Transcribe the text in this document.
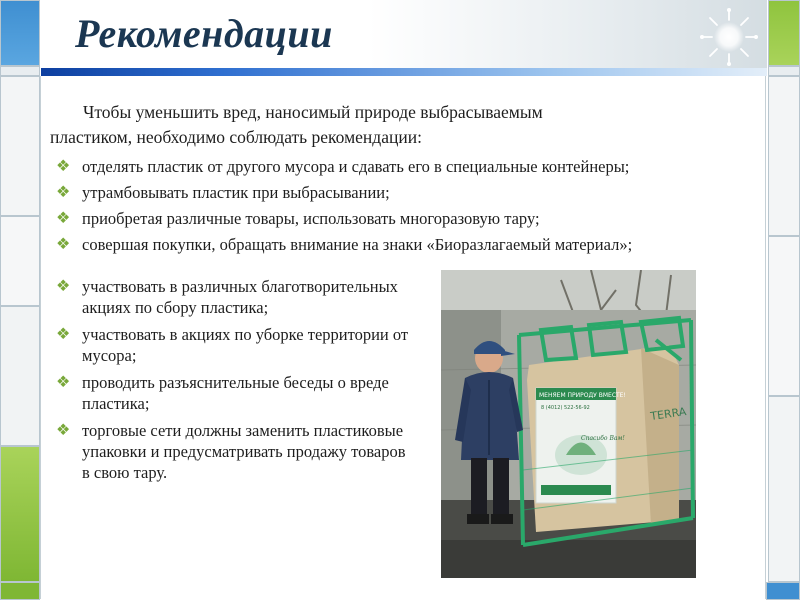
Рекомендации
Чтобы уменьшить вред, наносимый природе выбрасываемым
пластиком, необходимо соблюдать рекомендации:
❖ отделять пластик от другого мусора и сдавать его в специальные контейнеры;
❖ утрамбовывать пластик при выбрасывании;
❖ приобретая различные товары, использовать многоразовую тару;
❖ совершая покупки, обращать внимание на знаки «Биоразлагаемый материал»;
❖ участвовать в различных благотворительных акциях по сбору пластика;
❖ участвовать в акциях по уборке территории от мусора;
❖ проводить разъяснительные беседы о вреде пластика;
❖ торговые сети должны заменить пластиковые упаковки и предусматривать продажу товаров в свою тару.
МЕНЯЕМ ПРИРОДУ ВМЕСТЕ!
8 (4012) 522-56-92
Спасибо Вам!
TERRA
